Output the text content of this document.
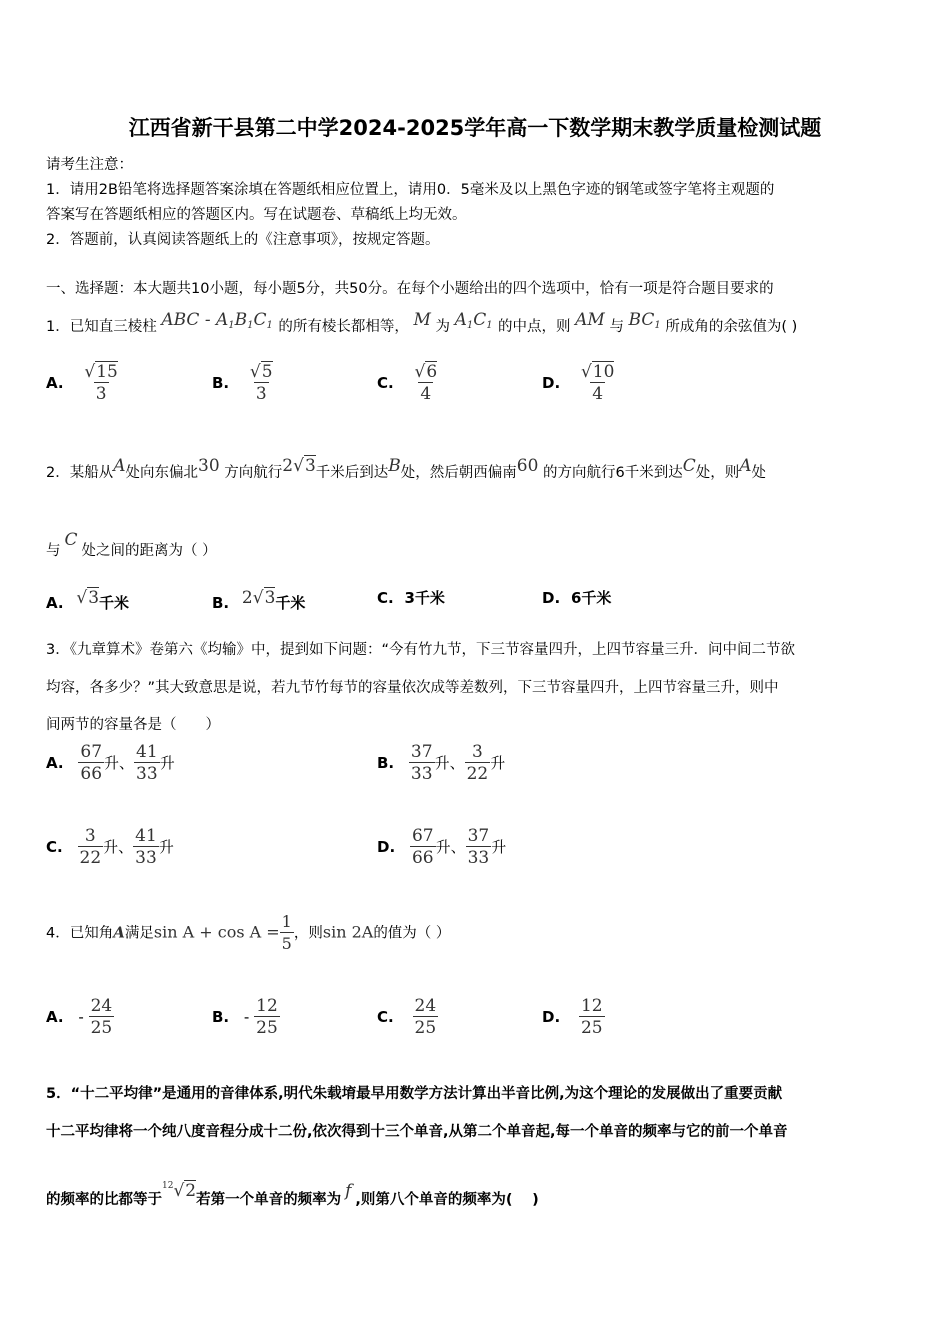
江西省新干县第二中学2024-2025学年高一下数学期末教学质量检测试题
请考生注意：
1．请用2B铅笔将选择题答案涂填在答题纸相应位置上，请用0．5毫米及以上黑色字迹的钢笔或签字笔将主观题的
答案写在答题纸相应的答题区内。写在试题卷、草稿纸上均无效。
2．答题前，认真阅读答题纸上的《注意事项》，按规定答题。
一、选择题：本大题共10小题，每小题5分，共50分。在每个小题给出的四个选项中，恰有一项是符合题目要求的
1．已知直三棱柱 ABC - $A_1B_1C_1$ 的所有棱长都相等， M 为 $A_1C_1$ 的中点，则 AM 与 $BC_1$ 所成角的余弦值为( )
A. $\frac{√15}{3}$	B. $\frac{√5}{3}$	C. $\frac{√6}{4}$	D. $\frac{√10}{4}$
2．某船从A处向东偏北30 方向航行2√3千米后到达B处，然后朝西偏南60 的方向航行6千米到达C处，则A处
与C处之间的距离为（ ）
A. √3千米	B. 2√3千米	C. 3千米	D. 6千米
3．《九章算术》卷第六《均输》中，提到如下问题：“今有竹九节，下三节容量四升，上四节容量三升．问中间二节欲
均容，各多少？”其大致意思是说，若九节竹每节的容量依次成等差数列，下三节容量四升，上四节容量三升，则中
间两节的容量各是（　　）
A. $\frac{67}{66}$ 升、 $\frac{41}{33}$ 升	B. $\frac{37}{33}$ 升、 $\frac{3}{22}$ 升
C. $\frac{3}{22}$ 升、 $\frac{41}{33}$ 升	D. $\frac{67}{66}$ 升、 $\frac{37}{33}$ 升
4．已知角A满足$\sin A + \cos A = \frac{1}{5}$ ，则sin 2A的值为（ ）
A. - $\frac{24}{25}$	B. - $\frac{12}{25}$	C. $\frac{24}{25}$	D. $\frac{12}{25}$
5．“十二平均律”是通用的音律体系,明代朱载堉最早用数学方法计算出半音比例,为这个理论的发展做出了重要贡献
十二平均律将一个纯八度音程分成十二份,依次得到十三个单音,从第二个单音起,每一个单音的频率与它的前一个单音
的频率的比都等于$^{12}$√2若第一个单音的频率为 f ,则第八个单音的频率为(　 )
